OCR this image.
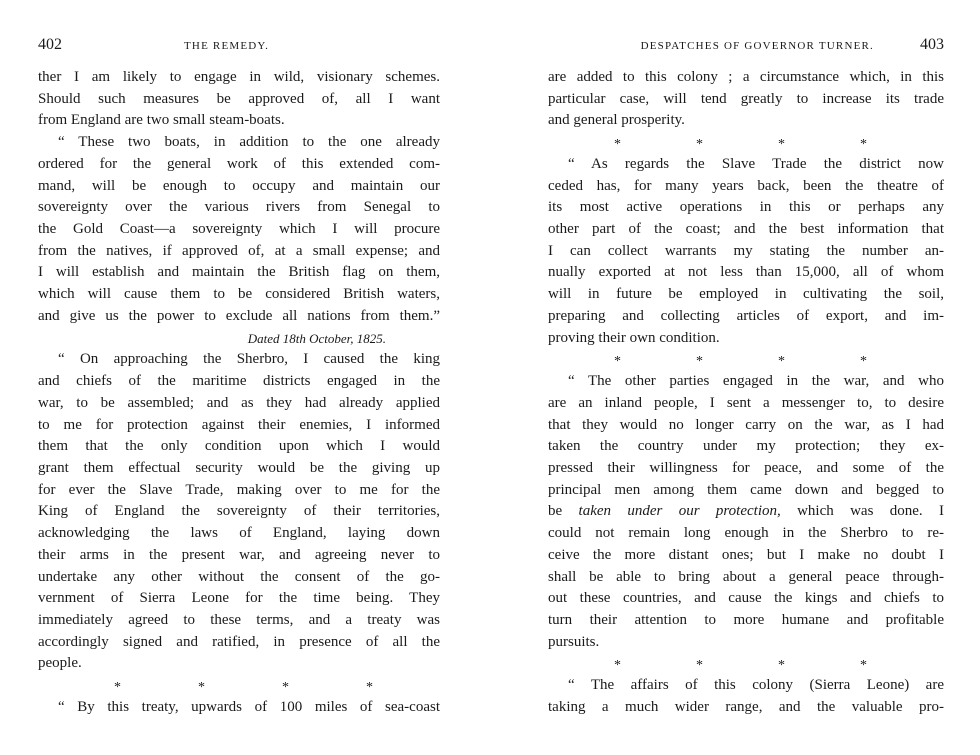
402	THE REMEDY.
ther I am likely to engage in wild, visionary schemes.
Should such measures be approved of, all I want
from England are two small steam-boats.
“ These two boats, in addition to the one already
ordered for the general work of this extended com-
mand, will be enough to occupy and maintain our
sovereignty over the various rivers from Senegal to
the Gold Coast—a sovereignty which I will procure
from the natives, if approved of, at a small expense; and
I will establish and maintain the British flag on them,
which will cause them to be considered British waters,
and give us the power to exclude all nations from them.”
Dated 18th October, 1825.
“ On approaching the Sherbro, I caused the king
and chiefs of the maritime districts engaged in the
war, to be assembled; and as they had already applied
to me for protection against their enemies, I informed
them that the only condition upon which I would
grant them effectual security would be the giving up
for ever the Slave Trade, making over to me for the
King of England the sovereignty of their territories,
acknowledging the laws of England, laying down
their arms in the present war, and agreeing never to
undertake any other without the consent of the go-
vernment of Sierra Leone for the time being. They
immediately agreed to these terms, and a treaty was
accordingly signed and ratified, in presence of all the
people.
*	*	*	*
“ By this treaty, upwards of 100 miles of sea-coast
DESPATCHES OF GOVERNOR TURNER.	403
are added to this colony ; a circumstance which, in this
particular case, will tend greatly to increase its trade
and general prosperity.
*	*	*	*
“ As regards the Slave Trade the district now
ceded has, for many years back, been the theatre of
its most active operations in this or perhaps any
other part of the coast; and the best information that
I can collect warrants my stating the number an-
nually exported at not less than 15,000, all of whom
will in future be employed in cultivating the soil,
preparing and collecting articles of export, and im-
proving their own condition.
*	*	*	*
“ The other parties engaged in the war, and who
are an inland people, I sent a messenger to, to desire
that they would no longer carry on the war, as I had
taken the country under my protection; they ex-
pressed their willingness for peace, and some of the
principal men among them came down and begged to
be taken under our protection, which was done. I
could not remain long enough in the Sherbro to re-
ceive the more distant ones; but I make no doubt I
shall be able to bring about a general peace through-
out these countries, and cause the kings and chiefs to
turn their attention to more humane and profitable
pursuits.
*	*	*	*
“ The affairs of this colony (Sierra Leone) are
taking a much wider range, and the valuable pro-
